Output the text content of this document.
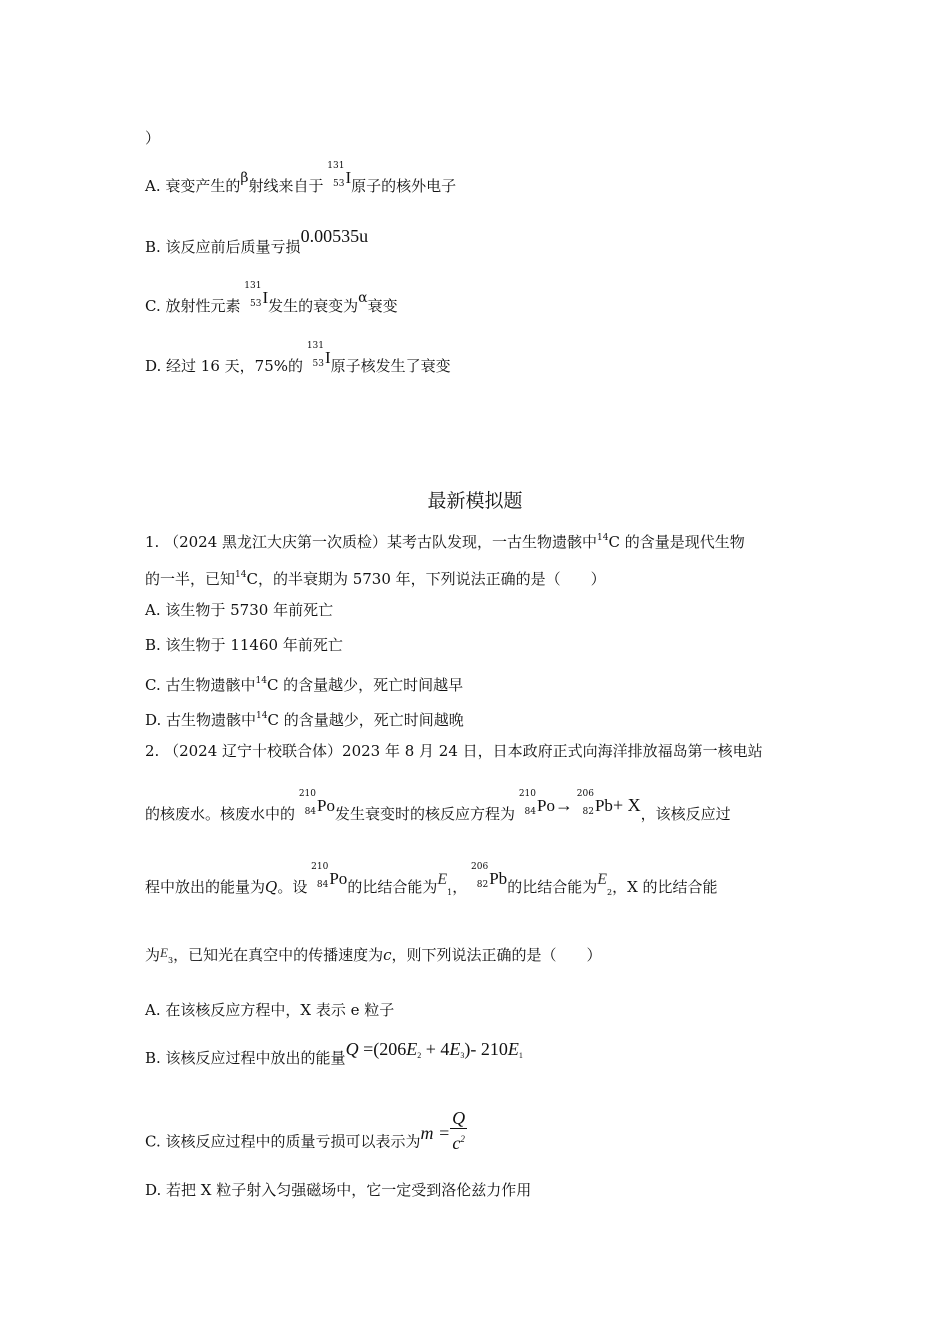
）
A. 衰变产生的β射线来自于
131
53 I原子的核外电子
B. 该反应前后质量亏损0.00535u
C. 放射性元素
131
53 I发生的衰变为α衰变
D. 经过 16 天，75%的
131
53 I原子核发生了衰变
最新模拟题
1. （2024 黑龙江大庆第一次质检）某考古队发现，一古生物遗骸中$^{14}$C 的含量是现代生物
的一半，已知$^{14}$C，的半衰期为 5730 年，下列说法正确的是（　　）
A. 该生物于 5730 年前死亡
B. 该生物于 11460 年前死亡
C. 古生物遗骸中$^{14}$C 的含量越少，死亡时间越早
D. 古生物遗骸中$^{14}$C 的含量越少，死亡时间越晚
2. （2024 辽宁十校联合体）2023 年 8 月 24 日，日本政府正式向海洋排放福岛第一核电站
的核废水。核废水中的
210
84 Po发生衰变时的核反应方程为
210
84 Po→
206
82 Pb+ X，该核反应过
程中放出的能量为Q。设
210
84 Po的比结合能为$E_1$，
206
82 Pb的比结合能为$E_2$，X 的比结合能
为$E_3$，已知光在真空中的传播速度为c，则下列说法正确的是（　　）
A. 在该核反应方程中，X 表示 e 粒子
B. 该核反应过程中放出的能量Q =(206E2 + 4E3)- 210E1
C. 该核反应过程中的质量亏损可以表示为$m = \frac{Q}{c^2}$
D. 若把 X 粒子射入匀强磁场中，它一定受到洛伦兹力作用
